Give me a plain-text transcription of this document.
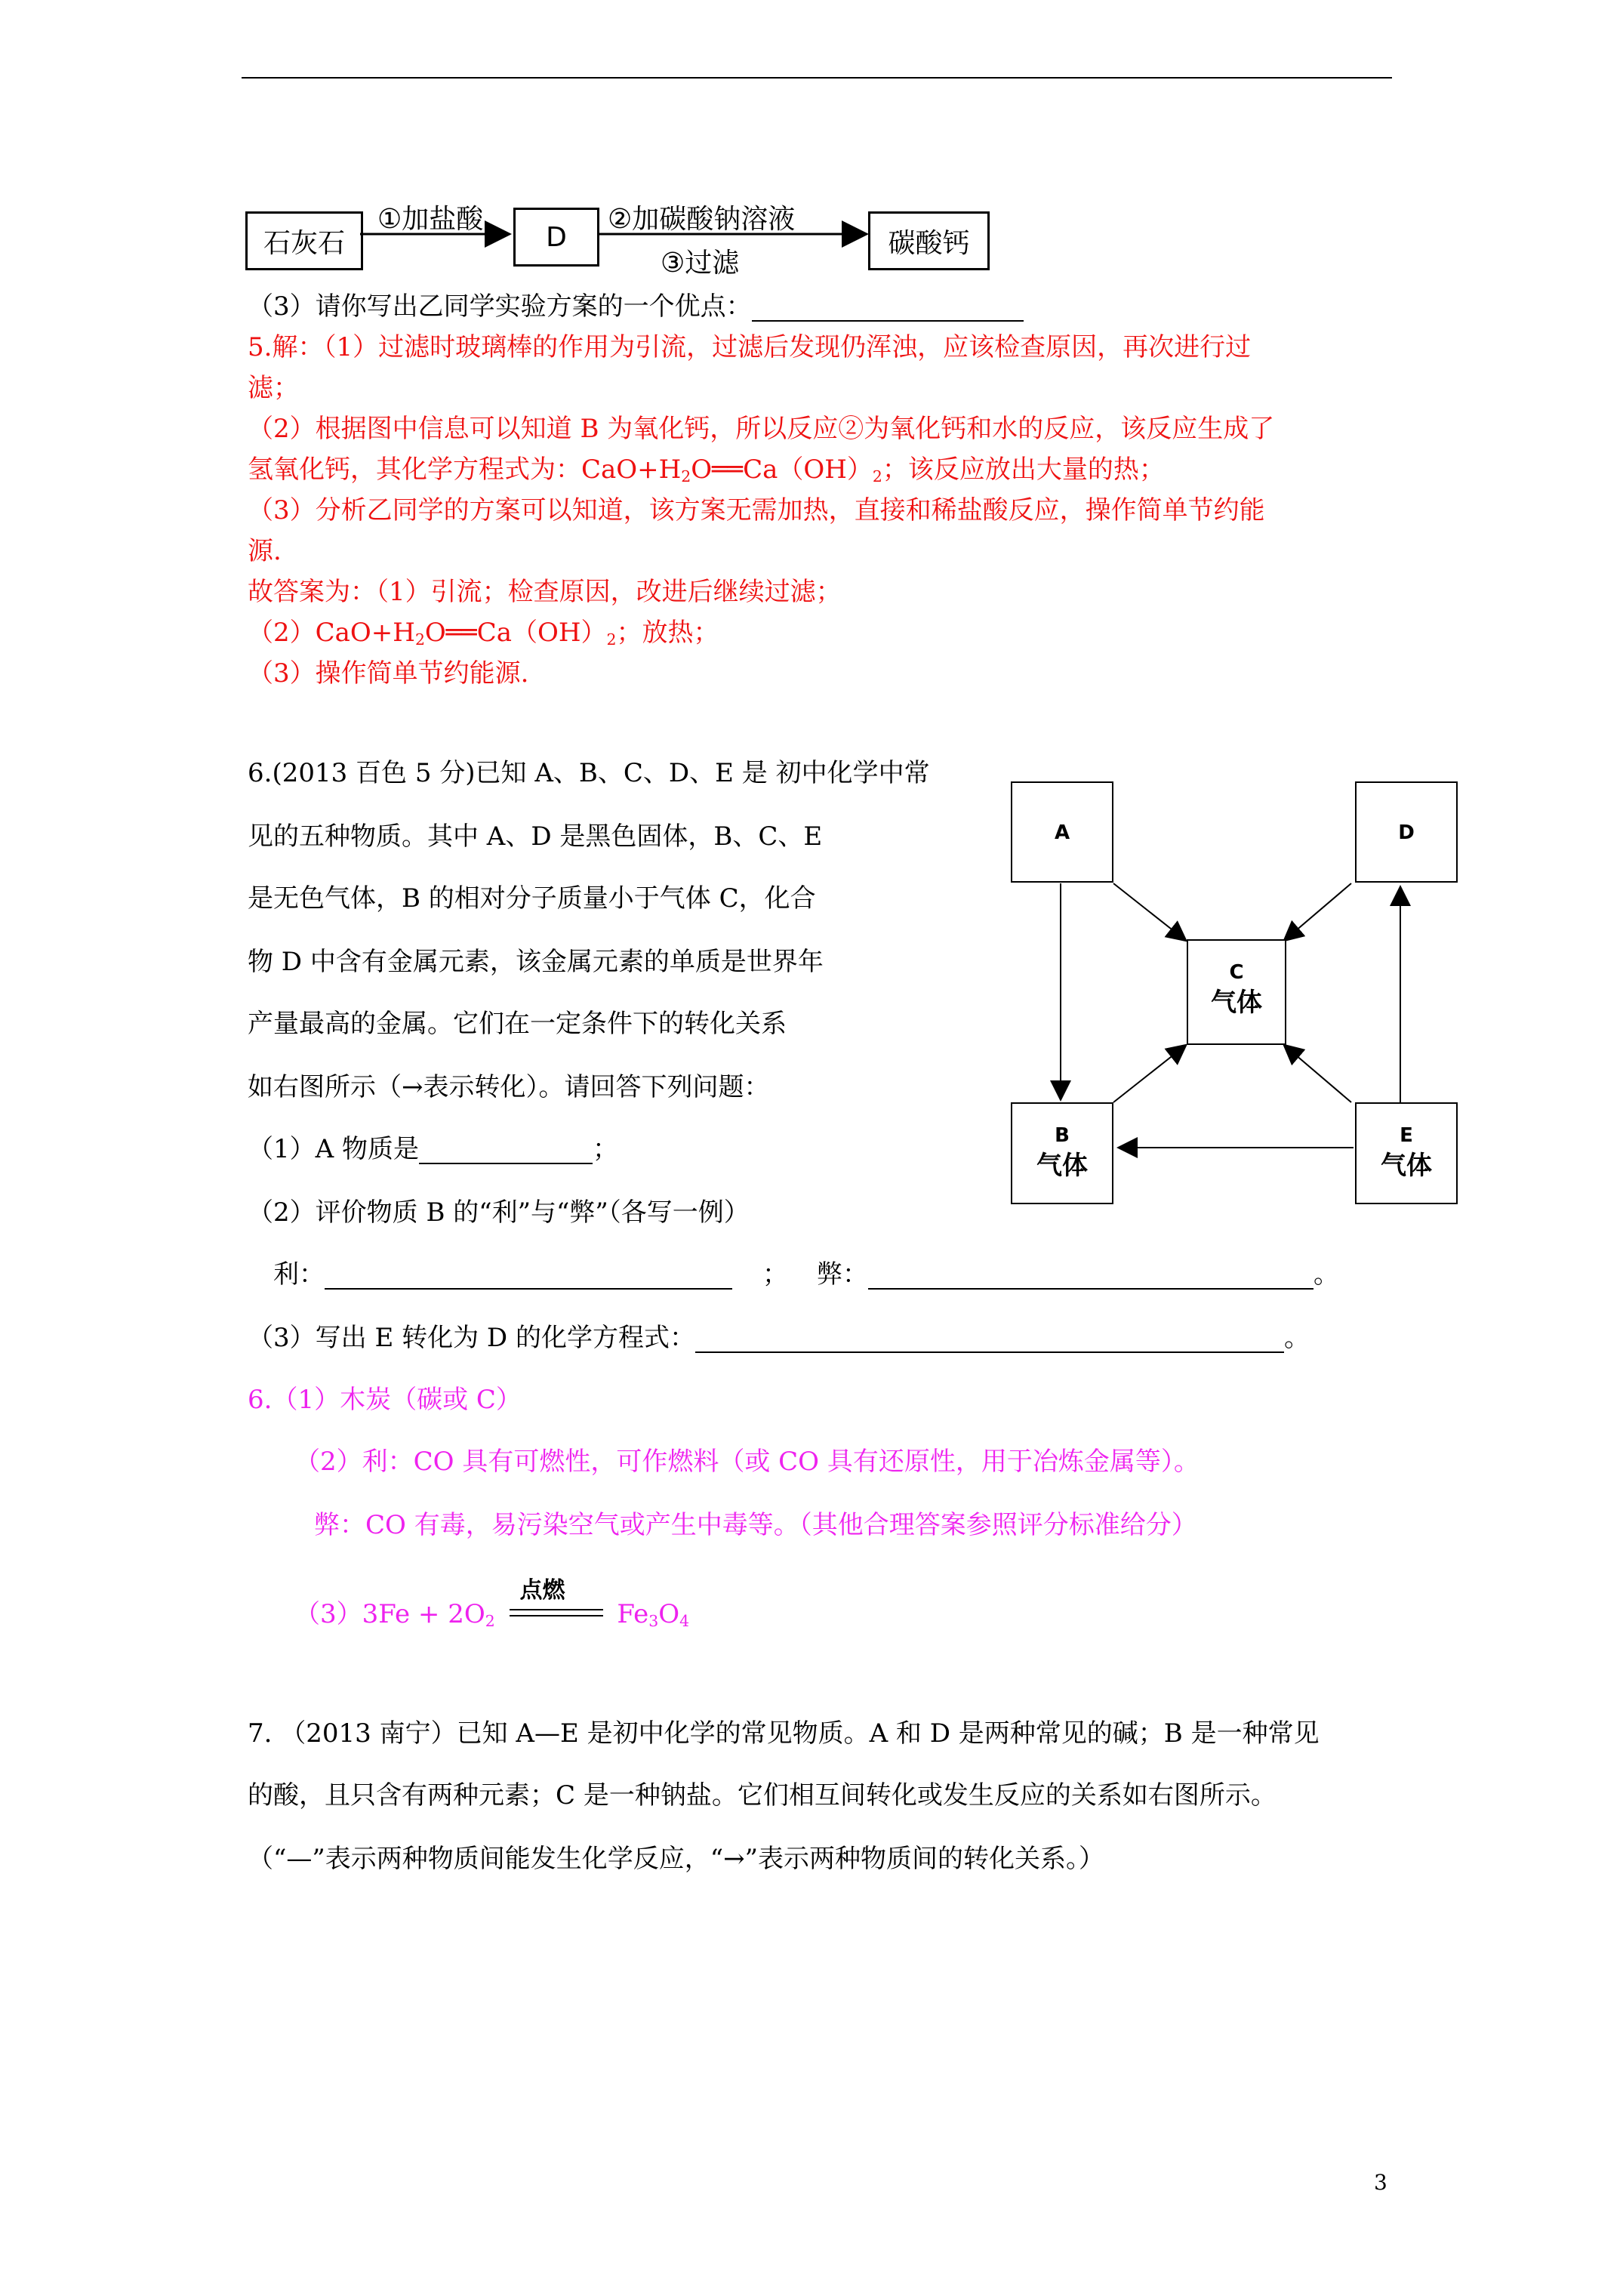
石灰石
①加盐酸
D
②加碳酸钠溶液
③过滤
碳酸钙
（3）请你写出乙同学实验方案的一个优点：
5.解：（1）过滤时玻璃棒的作用为引流，过滤后发现仍浑浊，应该检查原因，再次进行过
滤；
（2）根据图中信息可以知道 B 为氧化钙，所以反应②为氧化钙和水的反应，该反应生成了
氢氧化钙，其化学方程式为：$CaO+H_2O══Ca(OH)_2$；该反应放出大量的热；
（3）分析乙同学的方案可以知道，该方案无需加热，直接和稀盐酸反应，操作简单节约能
源.
故答案为：（1）引流；检查原因，改进后继续过滤；
$(2)CaO+H_2O══Ca(OH)_2$；放热；
（3）操作简单节约能源.
6.(2013 百色 5 分)已知 A、B、C、D、E 是 初中化学中常
见的五种物质。其中 A、D 是黑色固体，B、C、E
是无色气体，B 的相对分子质量小于气体 C，化合
物 D 中含有金属元素，该金属元素的单质是世界年
产量最高的金属。它们在一定条件下的转化关系
如右图所示（→表示转化）。请回答下列问题：
（1）A 物质是	；
（2）评价物质 B 的“利”与“弊”（各写一例）
利：	； 弊：	。
（3）写出 E 转化为 D 的化学方程式：	。
A	D
C
气体
B
气体
E
气体
6.（1）木炭（碳或 C）
（2）利：CO 具有可燃性，可作燃料（或 CO 具有还原性，用于冶炼金属等）。
弊：CO 有毒，易污染空气或产生中毒等。（其他合理答案参照评分标准给分）
$(3)3Fe + 2O_2$
点燃
$Fe_3O_4$
7. （2013 南宁）已知 A—E 是初中化学的常见物质。A 和 D 是两种常见的碱；B 是一种常见
的酸，且只含有两种元素；C 是一种钠盐。它们相互间转化或发生反应的关系如右图所示。
（“—”表示两种物质间能发生化学反应，“→”表示两种物质间的转化关系。）
3
